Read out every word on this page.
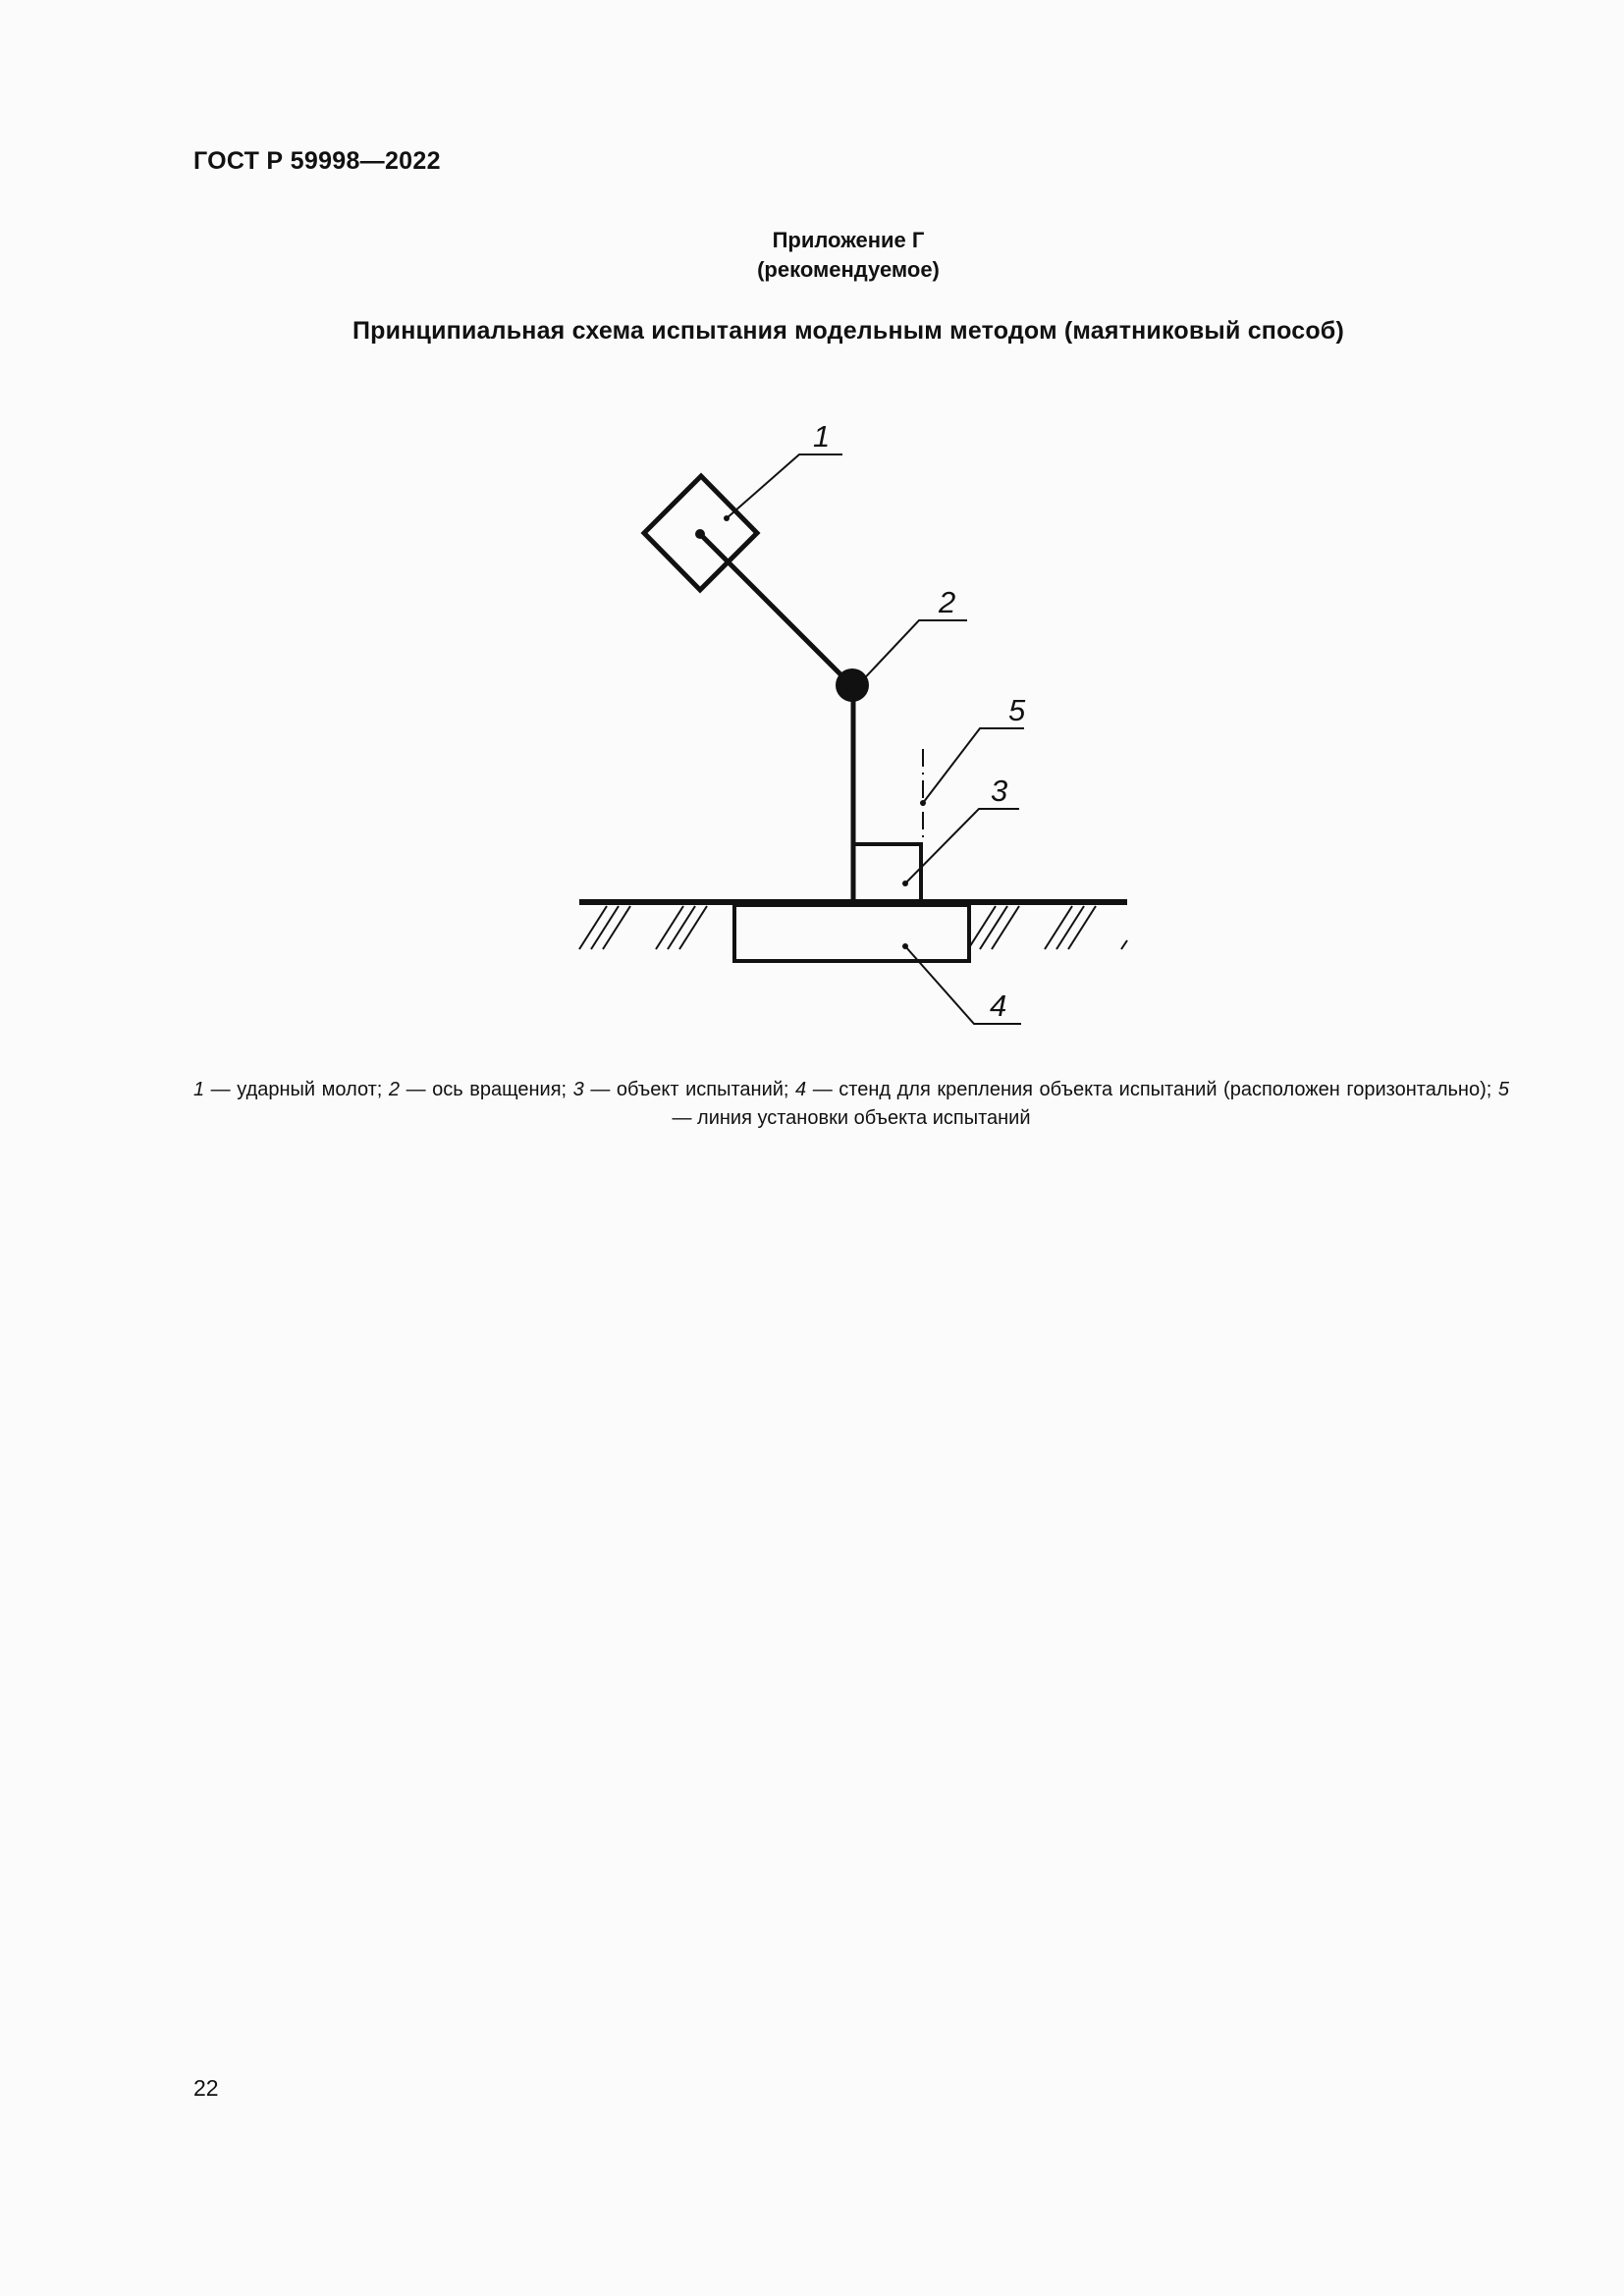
ГОСТ Р 59998—2022
Приложение Г
(рекомендуемое)
Принципиальная схема испытания модельным методом (маятниковый способ)
1
2
5
3
4
1 — ударный молот; 2 — ось вращения; 3 — объект испытаний; 4 — стенд для крепления объекта испытаний (расположен горизонтально); 5 — линия установки объекта испытаний
22
